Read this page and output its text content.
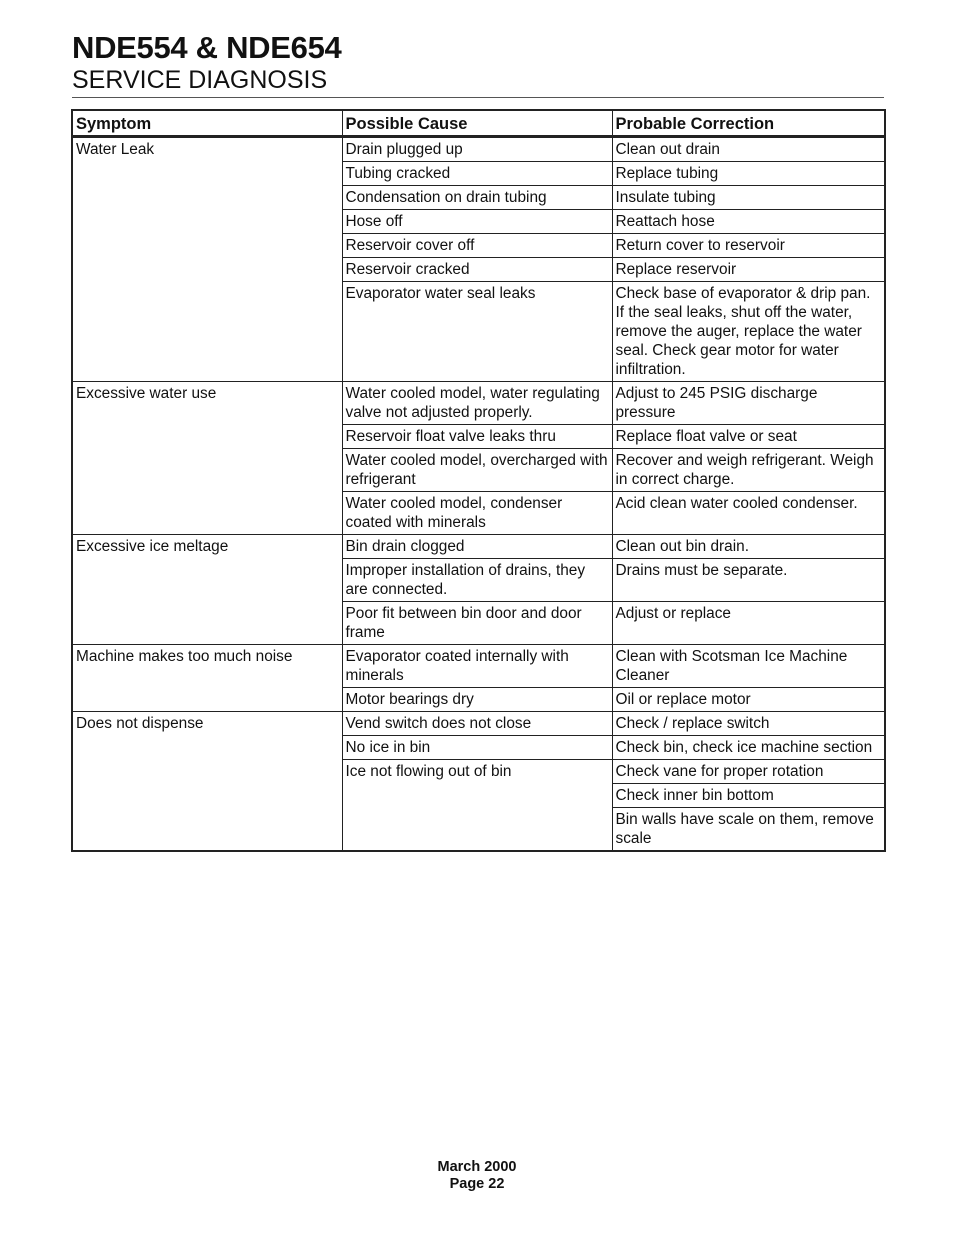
NDE554 & NDE654
SERVICE DIAGNOSIS
Symptom	Possible Cause	Probable Correction
Water Leak	Drain plugged up	Clean out drain
	Tubing cracked	Replace tubing
	Condensation on drain tubing	Insulate tubing
	Hose off	Reattach hose
	Reservoir cover off	Return cover to reservoir
	Reservoir cracked	Replace reservoir
	Evaporator water seal leaks	Check base of evaporator & drip pan. If the seal leaks, shut off the water, remove the auger, replace the water seal. Check gear motor for water infiltration.
Excessive water use	Water cooled model, water regulating valve not adjusted properly.	Adjust to 245 PSIG discharge pressure
	Reservoir float valve leaks thru	Replace float valve or seat
	Water cooled model, overcharged with refrigerant	Recover and weigh refrigerant. Weigh in correct charge.
	Water cooled model, condenser coated with minerals	Acid clean water cooled condenser.
Excessive ice meltage	Bin drain clogged	Clean out bin drain.
	Improper installation of drains, they are connected.	Drains must be separate.
	Poor fit between bin door and door frame	Adjust or replace
Machine makes too much noise	Evaporator coated internally with minerals	Clean with Scotsman Ice Machine Cleaner
	Motor bearings dry	Oil or replace motor
Does not dispense	Vend switch does not close	Check / replace switch
	No ice in bin	Check bin, check ice machine section
	Ice not flowing out of bin	Check vane for proper rotation
		Check inner bin bottom
		Bin walls have scale on them, remove scale
March 2000
Page 22
